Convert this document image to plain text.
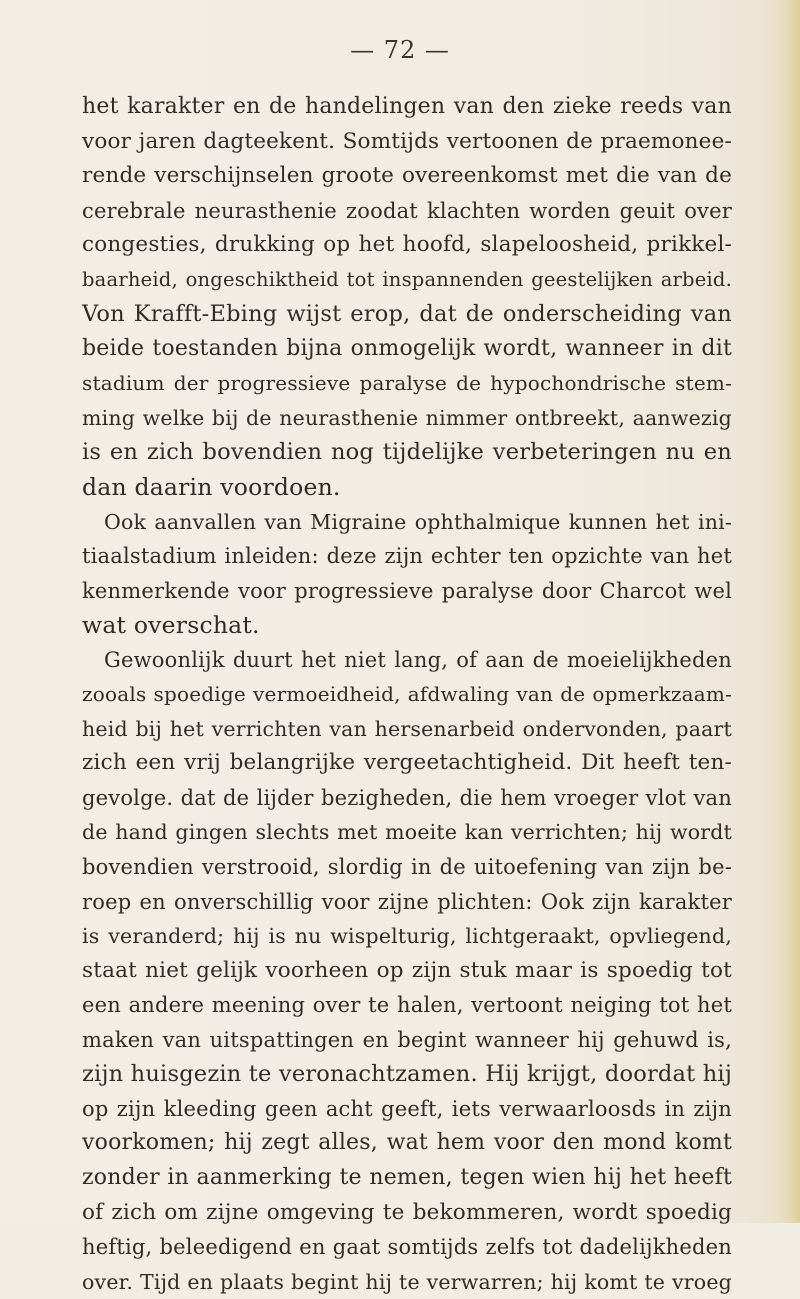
— 72 —
het karakter en de handelingen van den zieke reeds van
voor jaren dagteekent. Somtijds vertoonen de praemonee-
rende verschijnselen groote overeenkomst met die van de
cerebrale neurasthenie zoodat klachten worden geuit over
congesties, drukking op het hoofd, slapeloosheid, prikkel-
baarheid, ongeschiktheid tot inspannenden geestelijken arbeid.
Von Krafft-Ebing wijst erop, dat de onderscheiding van
beide toestanden bijna onmogelijk wordt, wanneer in dit
stadium der progressieve paralyse de hypochondrische stem-
ming welke bij de neurasthenie nimmer ontbreekt, aanwezig
is en zich bovendien nog tijdelijke verbeteringen nu en
dan daarin voordoen.
Ook aanvallen van Migraine ophthalmique kunnen het ini-
tiaalstadium inleiden: deze zijn echter ten opzichte van het
kenmerkende voor progressieve paralyse door Charcot wel
wat overschat.
Gewoonlijk duurt het niet lang, of aan de moeielijkheden
zooals spoedige vermoeidheid, afdwaling van de opmerkzaam-
heid bij het verrichten van hersenarbeid ondervonden, paart
zich een vrij belangrijke vergeetachtigheid. Dit heeft ten-
gevolge. dat de lijder bezigheden, die hem vroeger vlot van
de hand gingen slechts met moeite kan verrichten; hij wordt
bovendien verstrooid, slordig in de uitoefening van zijn be-
roep en onverschillig voor zijne plichten: Ook zijn karakter
is veranderd; hij is nu wispelturig, lichtgeraakt, opvliegend,
staat niet gelijk voorheen op zijn stuk maar is spoedig tot
een andere meening over te halen, vertoont neiging tot het
maken van uitspattingen en begint wanneer hij gehuwd is,
zijn huisgezin te veronachtzamen. Hij krijgt, doordat hij
op zijn kleeding geen acht geeft, iets verwaarloosds in zijn
voorkomen; hij zegt alles, wat hem voor den mond komt
zonder in aanmerking te nemen, tegen wien hij het heeft
of zich om zijne omgeving te bekommeren, wordt spoedig
heftig, beleedigend en gaat somtijds zelfs tot dadelijkheden
over. Tijd en plaats begint hij te verwarren; hij komt te vroeg
